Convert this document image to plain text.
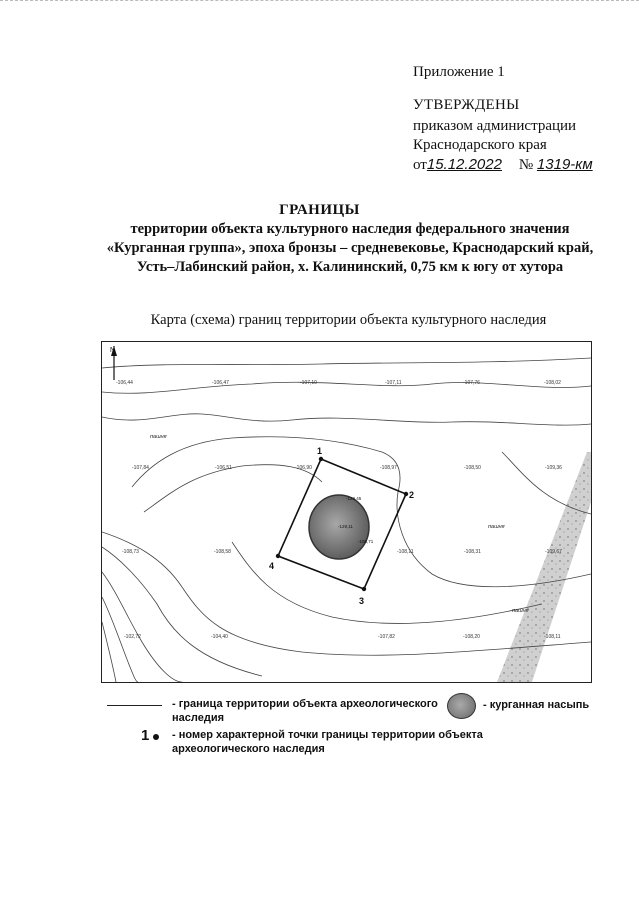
Приложение 1
УТВЕРЖДЕНЫ
приказом администрации
Краснодарского края
от15.12.2022 № 1319-км
ГРАНИЦЫ
территории объекта культурного наследия федерального значения «Курганная группа», эпоха бронзы – средневековье, Краснодарский край, Усть–Лабинский район, х. Калининский, 0,75 км к югу от хутора
Карта (схема) границ территории объекта культурного наследия
N
-106,44	-106,47	-107,10	-107,11	-107,76	-108,02
-107,84	-106,51	-106,90	-108,97	-108,50	-109,36
-108,73	-108,58	-108,11	-108,31	-109,67
-102,72	-104,40	-107,82	-108,20	-108,11
пашня
пашня
пашня
-129,45
-129,11
-108,71
1
2
3
4
- граница территории объекта археологического наследия
- курганная насыпь
1 - номер характерной точки границы территории объекта археологического наследия
